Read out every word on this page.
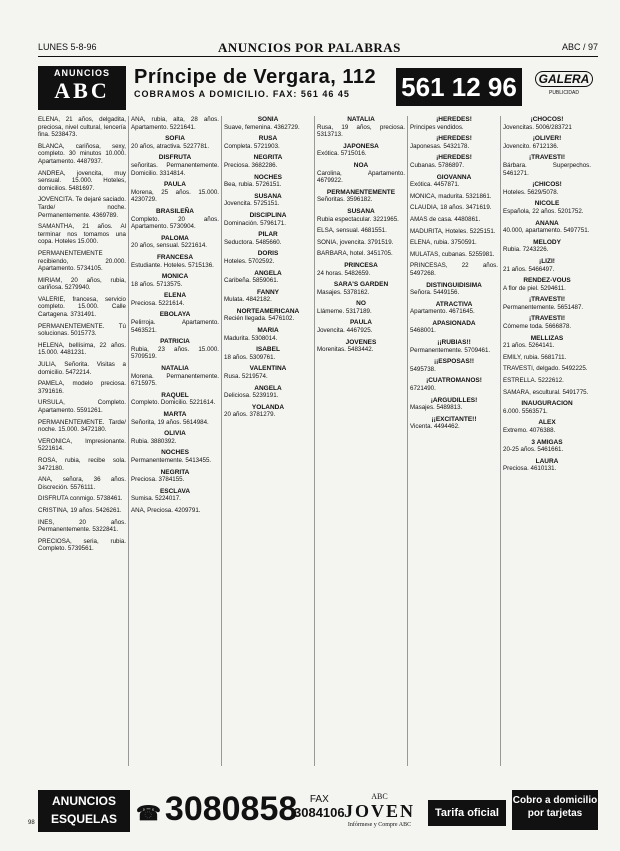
LUNES 5-8-96	ANUNCIOS POR PALABRAS	ABC / 97
ANUNCIOS
ABC
Príncipe de Vergara, 112
COBRAMOS A DOMICILIO. FAX: 561 46 45	561 12 96	GALERA
PUBLICIDAD
ELENA, 21 años, delgadita, preciosa, nivel cultural, lencería fina. 5238473.
BLANCA, cariñosa, sexy, completo. 30 minutos 10.000. Apartamento. 4487937.
ANDREA, jovencita, muy sensual. 15.000. Hoteles, domicilios. 5481697.
JOVENCITA. Te dejaré saciado. Tarde/ noche. Permanentemente. 4369789.
SAMANTHA, 21 años. Al terminar nos tomamos una copa. Hoteles 15.000.
PERMANENTEMENTE recibiendo, 20.000. Apartamento. 5734105.
MIRIAM, 20 años, rubia, cariñosa. 5279940.
VALERIE, francesa, servicio completo. 15.000. Calle Cartagena. 3731491.
PERMANENTEMENTE. Tú solucionas. 5015773.
HELENA, bellísima, 22 años. 15.000. 4481231.
JULIA, Señorita. Visitas a domicilio. 5472214.
PAMELA, modelo preciosa. 3791616.
URSULA, Completo. Apartamento. 5591261.
PERMANENTEMENTE. Tarde/ noche. 15.000. 3472180.
VERONICA, Impresionante. 5221614.
ROSA, rubia, recibe sola. 3472180.
ANA, señora, 36 años. Discreción. 5576111.
DISFRUTA conmigo. 5738461.
CRISTINA, 19 años. 5426261.
INES, 20 años. Permanentemente. 5322841.
PRECIOSA, seria, rubia. Completo. 5739561.
ANA, rubia, alta, 28 años. Apartamento. 5221641.
SOFIA
20 años, atractiva. 5227781.
DISFRUTA
señoritas. Permanentemente. Domicilio. 3314814.
PAULA
Morena, 25 años. 15.000. 4230729.
BRASILEÑA
Completo. 20 años. Apartamento. 5730904.
PALOMA
20 años, sensual. 5221614.
FRANCESA
Estudiante. Hoteles. 5715136.
MONICA
18 años. 5713575.
ELENA
Preciosa. 5221614.
EBOLAYA
Pelirroja. Apartamento. 5463521.
PATRICIA
Rubia, 23 años. 15.000. 5709519.
NATALIA
Morena. Permanentemente. 6715975.
RAQUEL
Completo. Domicilio. 5221614.
MARTA
Señorita, 19 años. 5614984.
OLIVIA
Rubia. 3880392.
NOCHES
Permanentemente. 5413455.
NEGRITA
Preciosa. 3784155.
ESCLAVA
Sumisa. 5224017.
ANA, Preciosa. 4209791.
SONIA
Suave, femenina. 4362729.
RUSA
Completa. 5721903.
NEGRITA
Preciosa. 3682286.
NOCHES
Bea, rubia. 5726151.
SUSANA
Jovencita. 5725151.
DISCIPLINA
Dominación. 5796171.
PILAR
Seductora. 5485660.
DORIS
Hoteles. 5702592.
ANGELA
Caribeña. 5859061.
FANNY
Mulata. 4842182.
NORTEAMERICANA
Recién llegada. 5476102.
MARIA
Madurita. 5308014.
ISABEL
18 años. 5309761.
VALENTINA
Rusa. 5219574.
ANGELA
Deliciosa. 5239191.
YOLANDA
20 años. 3781279.
NATALIA
Rusa, 19 años, preciosa. 5313713.
JAPONESA
Exótica. 5715016.
NOA
Carolina, Apartamento. 4679922.
PERMANENTEMENTE
Señoritas. 3596182.
SUSANA
Rubia espectacular. 3221965.
ELSA, sensual. 4681551.
SONIA, jovencita. 3791519.
BARBARA, hotel. 3451705.
PRINCESA
24 horas. 5482659.
SARA'S GARDEN
Masajes. 5378162.
NO
Llámeme. 5317189.
PAULA
Jovencita. 4467925.
JOVENES
Morenitas. 5483442.
¡HEREDES!
Principes vendidos.
¡HEREDES!
Japonesas. 5432178.
¡HEREDES!
Cubanas. 5786897.
GIOVANNA
Exótica. 4457871.
MONICA, madurita. 5321861.
CLAUDIA, 18 años. 3471619.
AMAS de casa. 4480861.
MADURITA, Hoteles. 5225151.
ELENA, rubia. 3750591.
MULATAS, cubanas. 5255981.
PRINCESAS, 22 años. 5497268.
DISTINGUIDISIMA
Señora. 5449156.
ATRACTIVA
Apartamento. 4671645.
APASIONADA
5468001.
¡¡RUBIAS!!
Permanentemente. 5709461.
¡¡ESPOSAS!!
5495738.
¡CUATROMANOS!
6721490.
¡ARGUDILLES!
Masajes. 5489813.
¡¡EXCITANTE!!
Vicenta. 4494462.
¡CHOCOS!
Jovencitas. 5006/283721
¡OLIVER!
Jovencito. 6712136.
¡TRAVESTI!
Bárbara. Superpechos. 5461271.
¡CHICOS!
Hoteles. 5629/5078.
NICOLE
Española, 22 años. 5201752.
ANANA
40.000, apartamento. 5497751.
MELODY
Rubia. 7243226.
¡LIZI!
21 años. 5466497.
RENDEZ-VOUS
A flor de piel. 5294611.
¡TRAVESTI!
Permanentemente. 5651487.
¡TRAVESTI!
Cómeme toda. 5666878.
MELLIZAS
21 años. 5264141.
EMILY, rubia. 5681711.
TRAVESTI, delgado. 5492225.
ESTRELLA. 5222612.
SAMARA, escultural. 5491775.
INAUGURACION
6.000. 5563571.
ALEX
Extremo. 4076388.
3 AMIGAS
20-25 años. 5461661.
LAURA
Preciosa. 4610131.
ANUNCIOS
ESQUELAS ☎ 3080858	FAX
3084106
ABC
JOVEN
Infórmese y Compre ABC
Tarifa oficial
Cobro a domicilio por tarjetas
98
